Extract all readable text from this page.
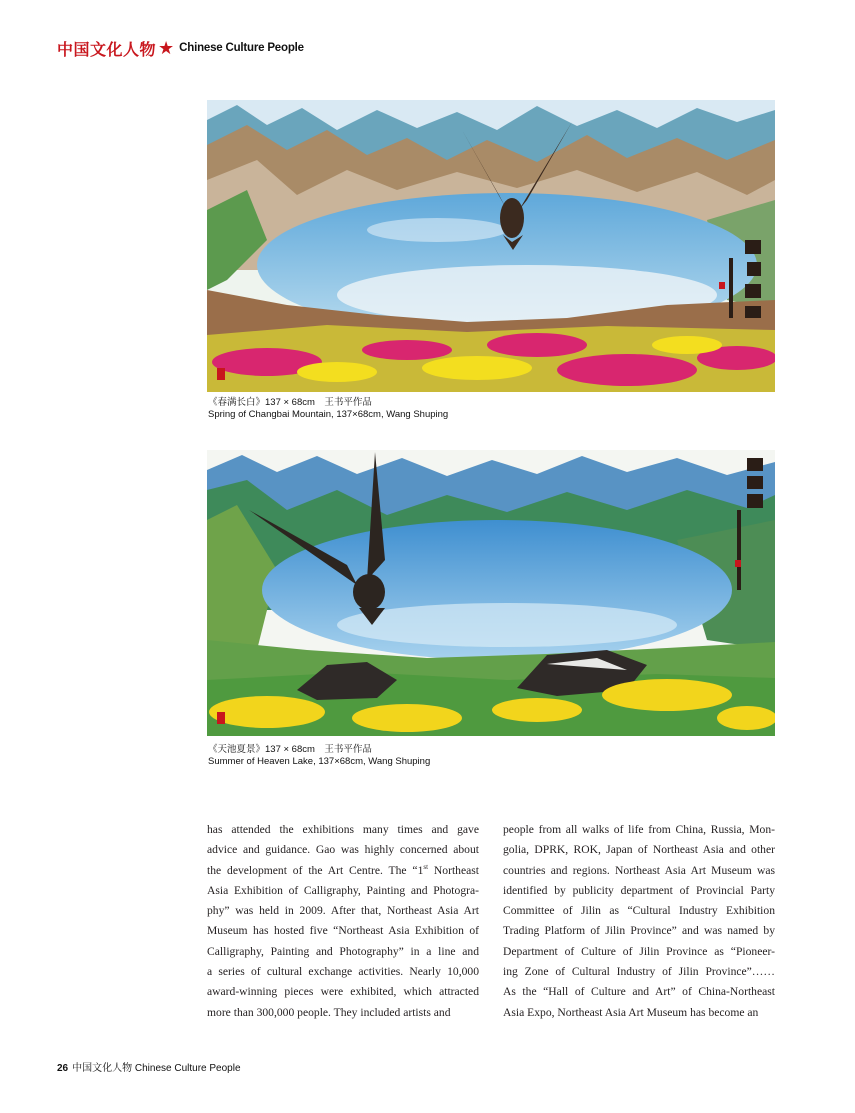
中国文化人物 ★ Chinese Culture People
《春满长白》137 × 68cm　王书平作品
Spring of Changbai Mountain, 137×68cm, Wang Shuping
《天池夏景》137 × 68cm　王书平作品
Summer of Heaven Lake, 137×68cm, Wang Shuping
has attended the exhibitions many times and gave
advice and guidance. Gao was highly concerned about
the development of the Art Centre. The “1st Northeast
Asia Exhibition of Calligraphy, Painting and Photogra-
phy” was held in 2009. After that, Northeast Asia Art
Museum has hosted five “Northeast Asia Exhibition of
Calligraphy, Painting and Photography” in a line and
a series of cultural exchange activities. Nearly 10,000
award-winning pieces were exhibited, which attracted
more than 300,000 people. They included artists and
people from all walks of life from China, Russia, Mon-
golia, DPRK, ROK, Japan of Northeast Asia and other
countries and regions. Northeast Asia Art Museum was
identified by publicity department of Provincial Party
Committee of Jilin as “Cultural Industry Exhibition
Trading Platform of Jilin Province” and was named by
Department of Culture of Jilin Province as “Pioneer-
ing Zone of Cultural Industry of Jilin Province”……
As the “Hall of Culture and Art” of China-Northeast
Asia Expo, Northeast Asia Art Museum has become an
26 中国文化人物 Chinese Culture People
